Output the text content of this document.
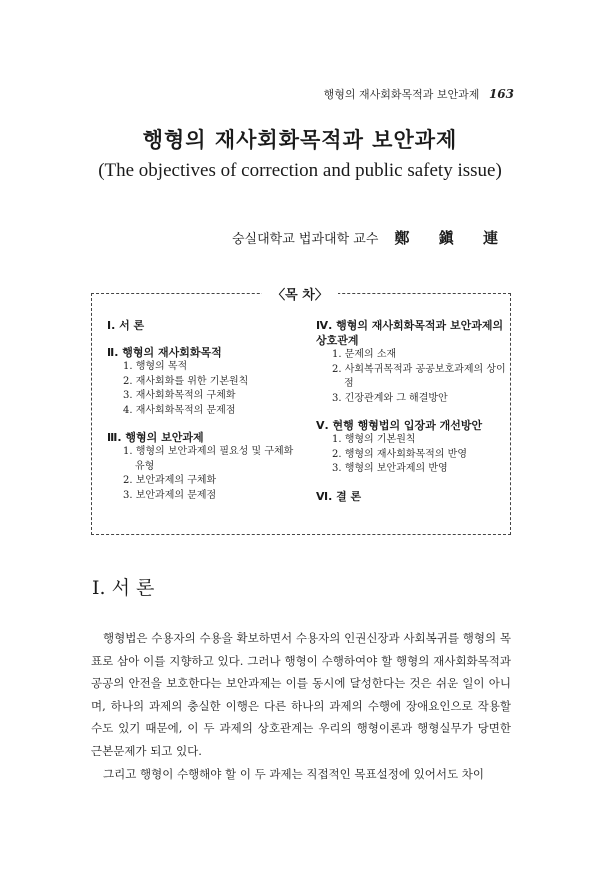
행형의 재사회화목적과 보안과제 163
행형의 재사회화목적과 보안과제
(The objectives of correction and public safety issue)
숭실대학교 법과대학 교수 鄭 鎭 連
〈목 차〉
Ⅰ. 서 론
Ⅱ. 행형의 재사회화목적
1. 행형의 목적
2. 재사회화를 위한 기본원칙
3. 재사회화목적의 구체화
4. 재사회화목적의 문제점
Ⅲ. 행형의 보안과제
1. 행형의 보안과제의 필요성 및 구체화유형
2. 보안과제의 구체화
3. 보안과제의 문제점
Ⅳ. 행형의 재사회화목적과 보안과제의 상호관계
1. 문제의 소재
2. 사회복귀목적과 공공보호과제의 상이점
3. 긴장관계와 그 해결방안
Ⅴ. 현행 행형법의 입장과 개선방안
1. 행형의 기본원칙
2. 행형의 재사회화목적의 반영
3. 행형의 보안과제의 반영
Ⅵ. 결 론
Ⅰ. 서 론

행형법은 수용자의 수용을 확보하면서 수용자의 인권신장과 사회복귀를 행형의 목표로 삼아 이를 지향하고 있다. 그러나 행형이 수행하여야 할 행형의 재사회화목적과 공공의 안전을 보호한다는 보안과제는 이를 동시에 달성한다는 것은 쉬운 일이 아니며, 하나의 과제의 충실한 이행은 다른 하나의 과제의 수행에 장애요인으로 작용할 수도 있기 때문에, 이 두 과제의 상호관계는 우리의 행형이론과 행형실무가 당면한 근본문제가 되고 있다.

그리고 행형이 수행해야 할 이 두 과제는 직접적인 목표설정에 있어서도 차이
